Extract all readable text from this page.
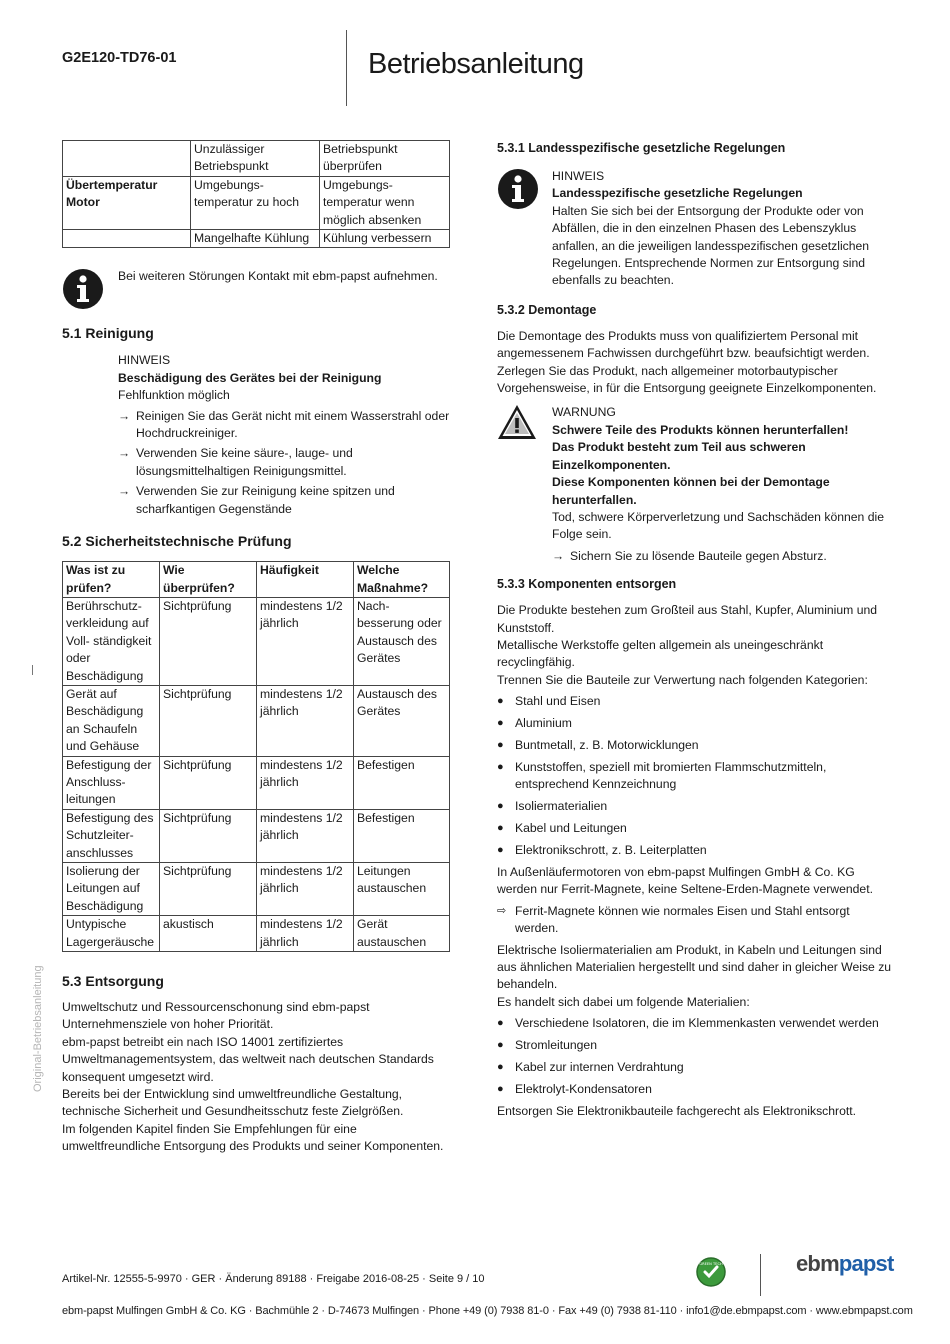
G2E120-TD76-01	Betriebsanleitung
Original-Betriebsanleitung
	Unzulässiger Betriebspunkt	Betriebspunkt überprüfen
Übertemperatur Motor	Umgebungs-temperatur zu hoch	Umgebungs-temperatur wenn möglich absenken
	Mangelhafte Kühlung	Kühlung verbessern

Bei weiteren Störungen Kontakt mit ebm-papst aufnehmen.

5.1 Reinigung

HINWEIS

Beschädigung des Gerätes bei der Reinigung

Fehlfunktion möglich

→ Reinigen Sie das Gerät nicht mit einem Wasserstrahl oder Hochdruckreiniger.
→ Verwenden Sie keine säure-, lauge- und lösungsmittelhaltigen Reinigungsmittel.
→ Verwenden Sie zur Reinigung keine spitzen und scharfkantigen Gegenstände
5.2 Sicherheitstechnische Prüfung
Was ist zu prüfen?	Wie überprüfen?	Häufigkeit	Welche Maßnahme?
Berührschutz-verkleidung auf Voll- ständigkeit oder Beschädigung	Sichtprüfung	mindestens 1/2 jährlich	Nach-besserung oder Austausch des Gerätes
Gerät auf Beschädigung an Schaufeln und Gehäuse	Sichtprüfung	mindestens 1/2 jährlich	Austausch des Gerätes
Befestigung der Anschluss-leitungen	Sichtprüfung	mindestens 1/2 jährlich	Befestigen
Befestigung des Schutzleiter-anschlusses	Sichtprüfung	mindestens 1/2 jährlich	Befestigen
Isolierung der Leitungen auf Beschädigung	Sichtprüfung	mindestens 1/2 jährlich	Leitungen austauschen
Untypische Lagergeräusche	akustisch	mindestens 1/2 jährlich	Gerät austauschen
5.3 Entsorgung

Umweltschutz und Ressourcenschonung sind ebm-papst Unternehmensziele von hoher Priorität.

ebm-papst betreibt ein nach ISO 14001 zertifiziertes Umweltmanagementsystem, das weltweit nach deutschen Standards konsequent umgesetzt wird.

Bereits bei der Entwicklung sind umweltfreundliche Gestaltung, technische Sicherheit und Gesundheitsschutz feste Zielgrößen.

Im folgenden Kapitel finden Sie Empfehlungen für eine umweltfreundliche Entsorgung des Produkts und seiner Komponenten.

5.3.1 Landesspezifische gesetzliche Regelungen

HINWEIS

Landesspezifische gesetzliche Regelungen

Halten Sie sich bei der Entsorgung der Produkte oder von Abfällen, die in den einzelnen Phasen des Lebenszyklus anfallen, an die jeweiligen landesspezifischen gesetzlichen Regelungen. Entsprechende Normen zur Entsorgung sind ebenfalls zu beachten.

5.3.2 Demontage

Die Demontage des Produkts muss von qualifiziertem Personal mit angemessenem Fachwissen durchgeführt bzw. beaufsichtigt werden.

Zerlegen Sie das Produkt, nach allgemeiner motorbautypischer Vorgehensweise, in für die Entsorgung geeignete Einzelkomponenten.

WARNUNG

Schwere Teile des Produkts können herunterfallen!

Das Produkt besteht zum Teil aus schweren Einzelkomponenten.

Diese Komponenten können bei der Demontage herunterfallen.

Tod, schwere Körperverletzung und Sachschäden können die Folge sein.

→ Sichern Sie zu lösende Bauteile gegen Absturz.
5.3.3 Komponenten entsorgen

Die Produkte bestehen zum Großteil aus Stahl, Kupfer, Aluminium und Kunststoff.

Metallische Werkstoffe gelten allgemein als uneingeschränkt recyclingfähig.

Trennen Sie die Bauteile zur Verwertung nach folgenden Kategorien:

● Stahl und Eisen
● Aluminium
● Buntmetall, z. B. Motorwicklungen
● Kunststoffen, speziell mit bromierten Flammschutzmitteln, entsprechend Kennzeichnung
● Isoliermaterialien
● Kabel und Leitungen
● Elektronikschrott, z. B. Leiterplatten

In Außenläufermotoren von ebm-papst Mulfingen GmbH & Co. KG werden nur Ferrit-Magnete, keine Seltene-Erden-Magnete verwendet.

⇨ Ferrit-Magnete können wie normales Eisen und Stahl entsorgt werden.

Elektrische Isoliermaterialien am Produkt, in Kabeln und Leitungen sind aus ähnlichen Materialien hergestellt und sind daher in gleicher Weise zu behandeln.

Es handelt sich dabei um folgende Materialien:

● Verschiedene Isolatoren, die im Klemmenkasten verwendet werden
● Stromleitungen
● Kabel zur internen Verdrahtung
● Elektrolyt-Kondensatoren

Entsorgen Sie Elektronikbauteile fachgerecht als Elektronikschrott.

Artikel-Nr. 12555-5-9970 · GER · Änderung 89188 · Freigabe 2016-08-25 · Seite 9 / 10
GREEN TECH	ebmpapst
ebm-papst Mulfingen GmbH & Co. KG · Bachmühle 2 · D-74673 Mulfingen · Phone +49 (0) 7938 81-0 · Fax +49 (0) 7938 81-110 · info1@de.ebmpapst.com · www.ebmpapst.com
